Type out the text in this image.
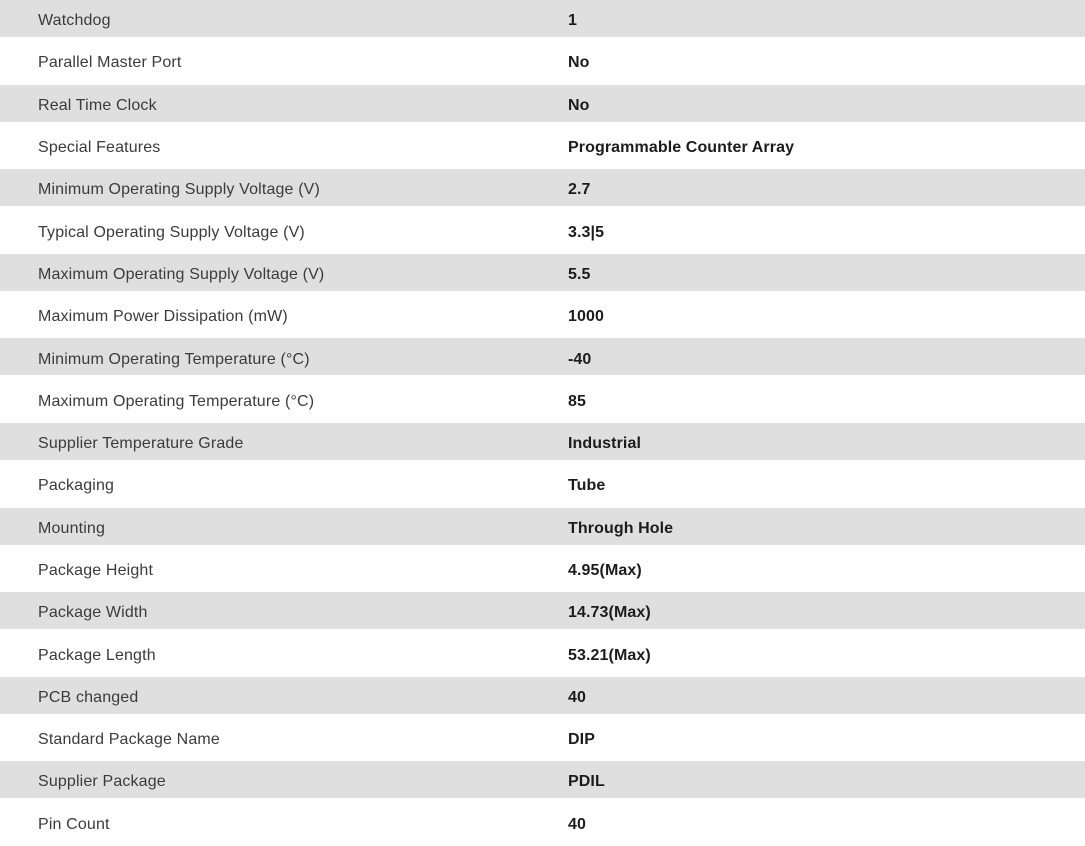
Watchdog	1
Parallel Master Port	No
Real Time Clock	No
Special Features	Programmable Counter Array
Minimum Operating Supply Voltage (V)	2.7
Typical Operating Supply Voltage (V)	3.3|5
Maximum Operating Supply Voltage (V)	5.5
Maximum Power Dissipation (mW)	1000
Minimum Operating Temperature (°C)	-40
Maximum Operating Temperature (°C)	85
Supplier Temperature Grade	Industrial
Packaging	Tube
Mounting	Through Hole
Package Height	4.95(Max)
Package Width	14.73(Max)
Package Length	53.21(Max)
PCB changed	40
Standard Package Name	DIP
Supplier Package	PDIL
Pin Count	40
